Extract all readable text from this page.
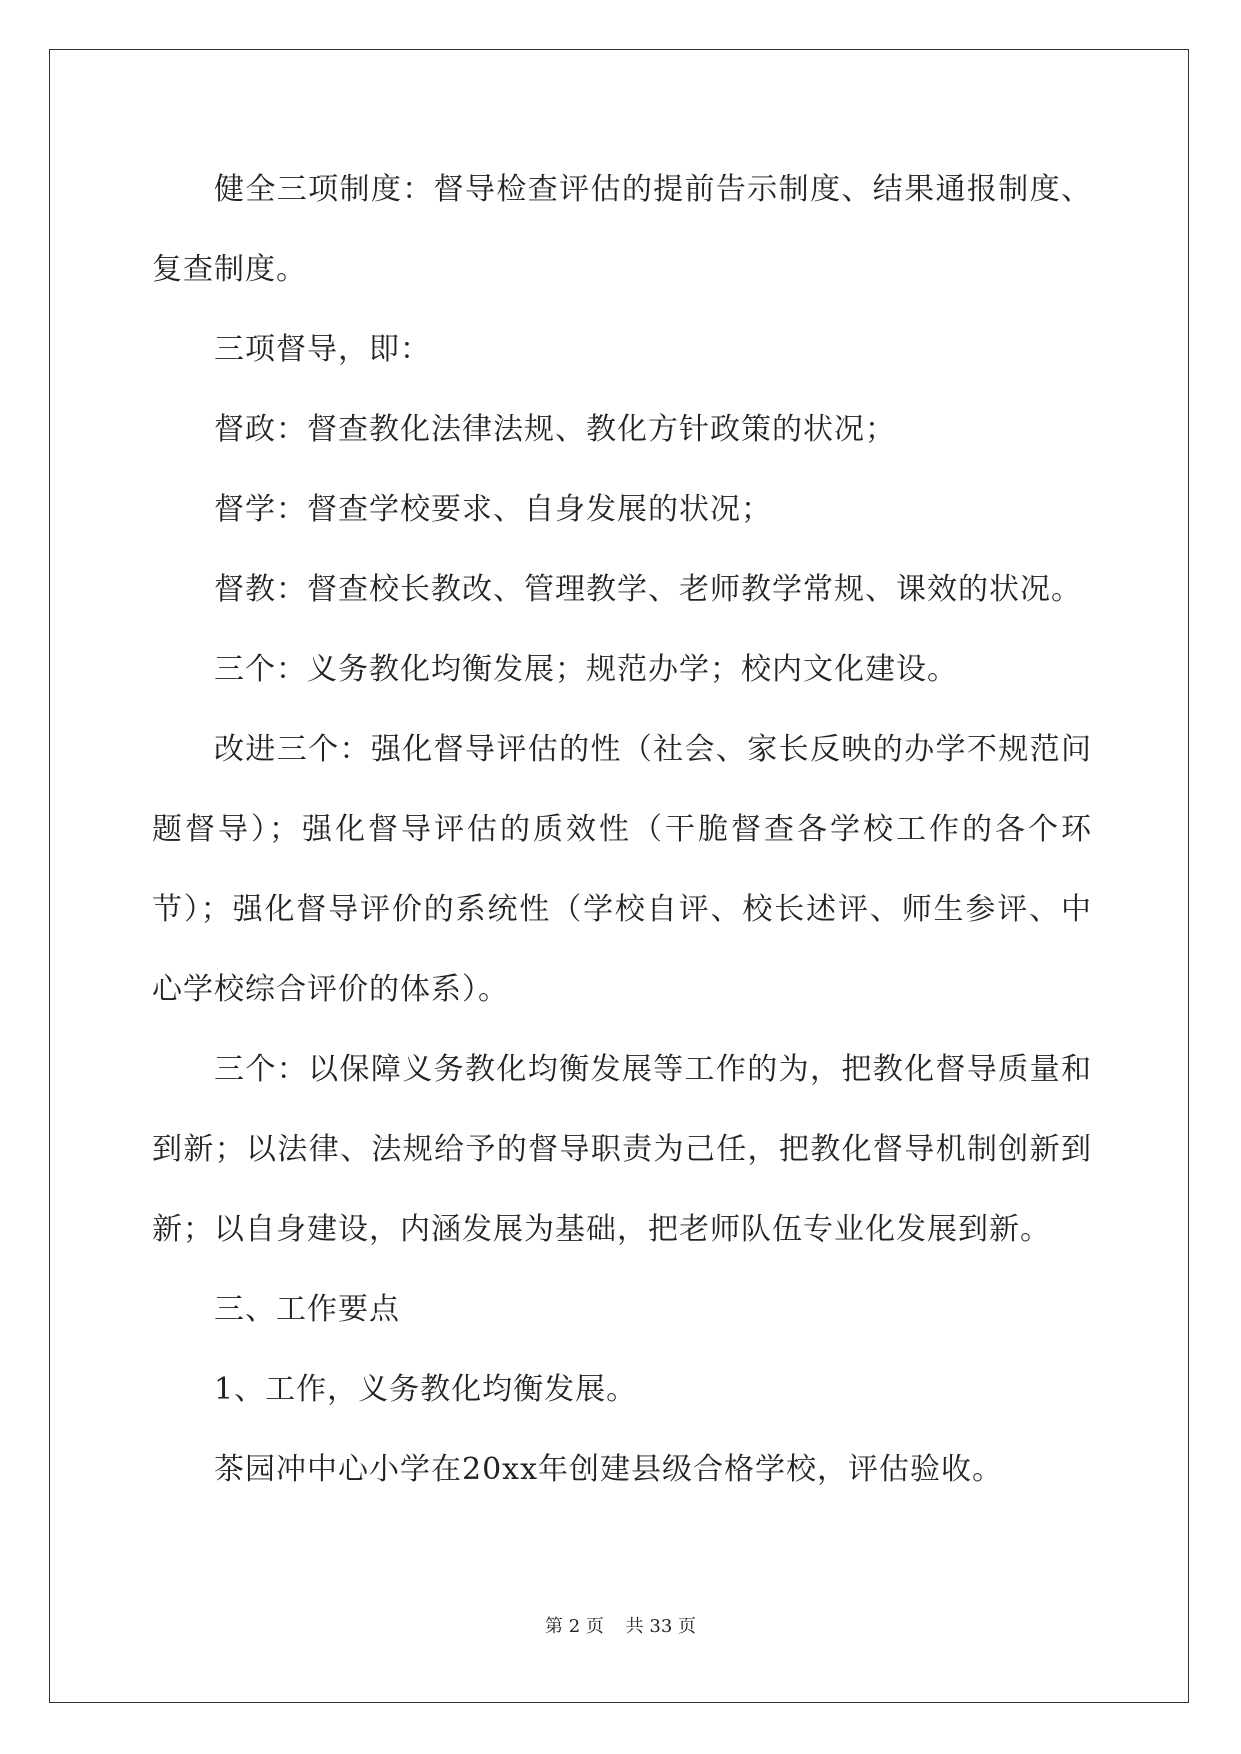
健全三项制度：督导检查评估的提前告示制度、结果通报制度、复查制度。

三项督导，即：

督政：督查教化法律法规、教化方针政策的状况；

督学：督查学校要求、自身发展的状况；

督教：督查校长教改、管理教学、老师教学常规、课效的状况。

三个：义务教化均衡发展；规范办学；校内文化建设。

改进三个：强化督导评估的性（社会、家长反映的办学不规范问题督导）；强化督导评估的质效性（干脆督查各学校工作的各个环节）；强化督导评价的系统性（学校自评、校长述评、师生参评、中心学校综合评价的体系）。

三个：以保障义务教化均衡发展等工作的为，把教化督导质量和到新；以法律、法规给予的督导职责为己任，把教化督导机制创新到新；以自身建设，内涵发展为基础，把老师队伍专业化发展到新。

三、工作要点

1、工作，义务教化均衡发展。

茶园冲中心小学在20xx年创建县级合格学校，评估验收。

第 2 页 共 33 页
